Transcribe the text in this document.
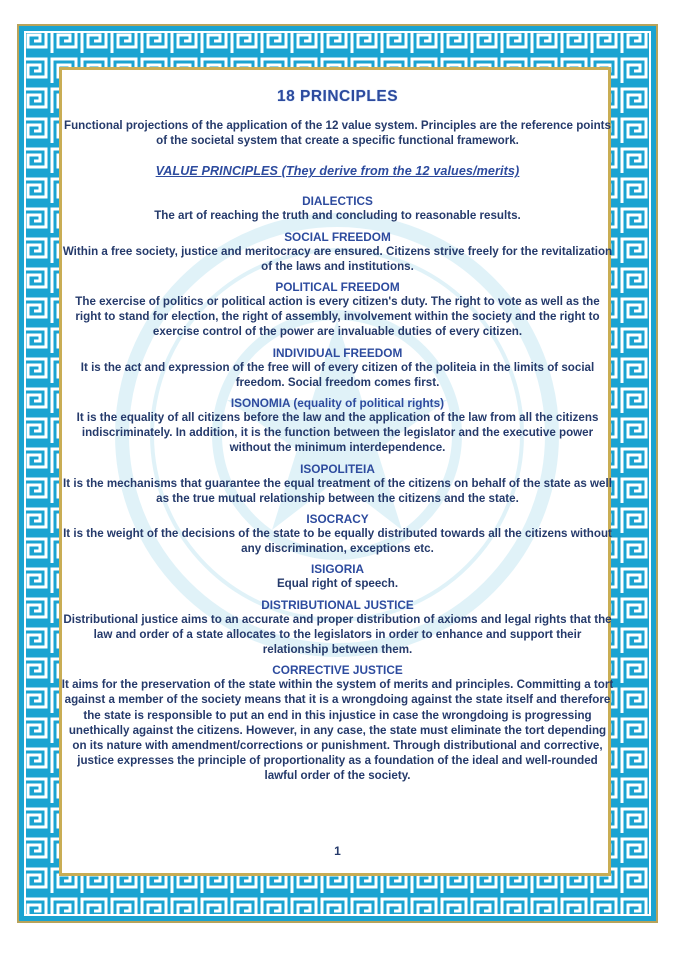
18 PRINCIPLES
Functional projections of the application of the 12 value system. Principles are the reference points of the societal system that create a specific functional framework.
VALUE PRINCIPLES (They derive from the 12 values/merits)
DIALECTICS
The art of reaching the truth and concluding to reasonable results.
SOCIAL FREEDOM
Within a free society, justice and meritocracy are ensured. Citizens strive freely for the revitalization of the laws and institutions.
POLITICAL FREEDOM
The exercise of politics or political action is every citizen's duty. The right to vote as well as the right to stand for election, the right of assembly, involvement within the society and the right to exercise control of the power are invaluable duties of every citizen.
INDIVIDUAL FREEDOM
It is the act and expression of the free will of every citizen of the politeia in the limits of social freedom. Social freedom comes first.
ISONOMIA (equality of political rights)
It is the equality of all citizens before the law and the application of the law from all the citizens indiscriminately. In addition, it is the function between the legislator and the executive power without the minimum interdependence.
ISOPOLITEIA
It is the mechanisms that guarantee the equal treatment of the citizens on behalf of the state as well as the true mutual relationship between the citizens and the state.
ISOCRACY
It is the weight of the decisions of the state to be equally distributed towards all the citizens without any discrimination, exceptions etc.
ISIGORIA
Equal right of speech.
DISTRIBUTIONAL JUSTICE
Distributional justice aims to an accurate and proper distribution of axioms and legal rights that the law and order of a state allocates to the legislators in order to enhance and support their relationship between them.
CORRECTIVE JUSTICE
It aims for the preservation of the state within the system of merits and principles. Committing a tort against a member of the society means that it is a wrongdoing against the state itself and therefore the state is responsible to put an end in this injustice in case the wrongdoing is progressing unethically against the citizens. However, in any case, the state must eliminate the tort depending on its nature with amendment/corrections or punishment. Through distributional and corrective, justice expresses the principle of proportionality as a foundation of the ideal and well-rounded lawful order of the society.
1
